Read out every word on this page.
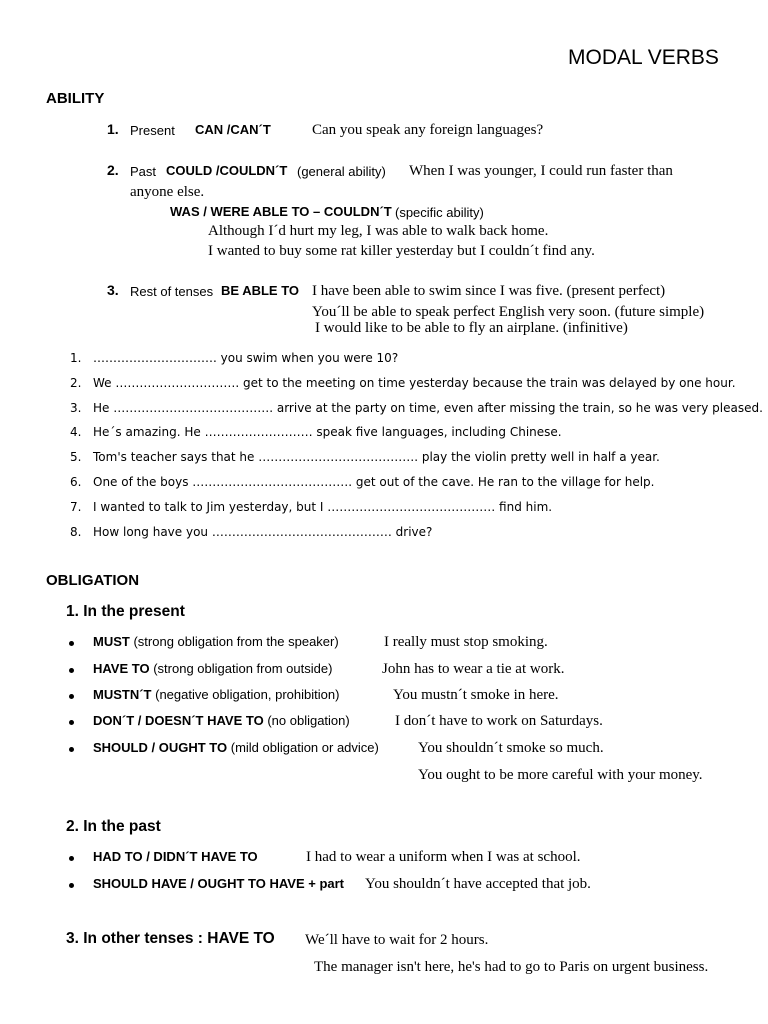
MODAL VERBS
ABILITY
1. Present CAN /CAN´T	Can you speak any foreign languages?
2. Past COULD /COULDN´T (general ability) When I was younger, I could run faster than
anyone else.
WAS / WERE ABLE TO – COULDN´T (specific ability)
Although I´d hurt my leg, I was able to walk back home.
I wanted to buy some rat killer yesterday but I couldn´t find any.
3. Rest of tenses BE ABLE TO I have been able to swim since I was five. (present perfect)
You´ll be able to speak perfect English very soon. (future simple)
I would like to be able to fly an airplane. (infinitive)
1. …………………………. you swim when you were 10?
2. We …………………………. get to the meeting on time yesterday because the train was delayed by one hour.
3. He …………………………………. arrive at the party on time, even after missing the train, so he was very pleased.
4. He´s amazing. He ……………………… speak five languages, including Chinese.
5. Tom's teacher says that he …………………………………. play the violin pretty well in half a year.
6. One of the boys …………………………………. get out of the cave. He ran to the village for help.
7. I wanted to talk to Jim yesterday, but I …………………………………… find him.
8. How long have you ……………………………………… drive?
OBLIGATION
1. In the present
MUST (strong obligation from the speaker)	I really must stop smoking.
HAVE TO (strong obligation from outside)	John has to wear a tie at work.
MUSTN´T (negative obligation, prohibition)	You mustn´t smoke in here.
DON´T / DOESN´T HAVE TO (no obligation)	I don´t have to work on Saturdays.
SHOULD / OUGHT TO (mild obligation or advice)	You shouldn´t smoke so much.
You ought to be more careful with your money.
2. In the past
HAD TO / DIDN´T HAVE TO	I had to wear a uniform when I was at school.
SHOULD HAVE / OUGHT TO HAVE + part You shouldn´t have accepted that job.
3. In other tenses : HAVE TO We´ll have to wait for 2 hours.
The manager isn't here, he's had to go to Paris on urgent business.
